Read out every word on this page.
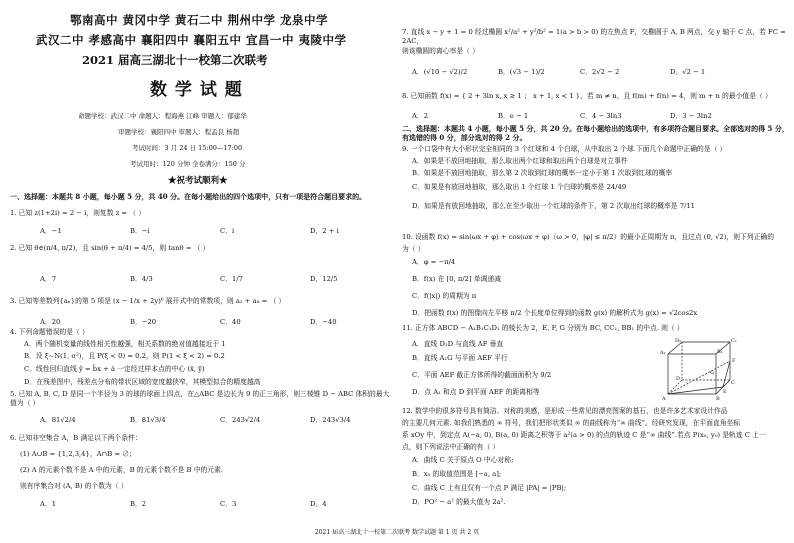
鄂南高中 黄冈中学 黄石二中 荆州中学 龙泉中学
武汉二中 孝感高中 襄阳四中 襄阳五中 宜昌一中 夷陵中学
2021 届高三湖北十一校第二次联考
数 学 试 题
命题学校：武汉二中 命题人：程海燕 江峰 审题人：郁建华
审题学校：襄阳四中 审题人：程孟良 杨超
考试时间：3 月 24 日 15:00—17:00
考试用时：120 分钟 全卷满分：150 分
★祝考试顺利★
一、选择题：本题共 8 小题，每小题 5 分，共 40 分。在每小题给出的四个选项中，只有一项是符合题目要求的。
1. 已知 z(1+2i) = 2 − i，则复数 z = （ ）
A．−1	B．−i	C．i	D．2 + i
2. 已知 θ∈(π/4, π/2)，且 sin(θ + π/4) = 4/5，则 tanθ = （ ）
A．7	B．4/3	C．1/7	D．12/5
3. 已知等差数列{aₙ}的第 5 项是 (x − 1/x + 2y)⁶ 展开式中的常数项，则 a₂ + a₈ = （ ）
A．20	B．−20	C．40	D．−40
4. 下列命题错误的是（ ）
A．两个随机变量的线性相关性越强，相关系数的绝对值越接近于 1
B．设 ξ~N(1, σ²)，且 P(ξ < 0) = 0.2，则 P(1 < ξ < 2) = 0.2
C．线性回归直线 ŷ = b̂x + â 一定经过样本点的中心 (x̄, ȳ)
D．在残差图中，残差点分布的带状区域的宽度越狭窄，其模型拟合的精度越高
5. 已知 A, B, C, D 是同一个半径为 3 的球的球面上四点，在△ABC 是边长为 9 的正三角形，则三棱锥 D − ABC 体积的最大值为（ ）
A．81√2/4	B．81√3/4	C．243√2/4	D．243√3/4
6. 已知非空集合 A，B 满足以下两个条件：
(1) A∪B = {1,2,3,4}，A∩B = ∅；
(2) A 的元素个数不是 A 中的元素，B 的元素个数不是 B 中的元素.
则有序集合对 (A, B) 的个数为（ ）
A．1	B．2	C．3	D．4
7. 直线 x − y + 1 = 0 经过椭圆 x²/a² + y²/b² = 1(a > b > 0) 的左焦点 F，交椭圆于 A, B 两点，交 y 轴于 C 点，若 FC = 2AC，
则该椭圆的离心率是（ ）
A．(√10 − √2)/2	B．(√3 − 1)/2	C．2√2 − 2	D．√2 − 1
8. 已知函数 f(x) = { 2 + 3ln x, x ≥ 1 ； x + 1, x < 1 }，若 m ≠ n，且 f(m) + f(n) = 4，则 m + n 的最小值是（ ）
A．2	B．e − 1	C．4 − 3ln3	D．3 − 3ln2
二、选择题：本题共 4 小题，每小题 5 分，共 20 分。在每小题给出的选项中，有多项符合题目要求。全部选对的得 5 分，有选错的得 0 分，部分选对的得 2 分。
9. 一个口袋中有大小形状完全相同的 3 个红球和 4 个白球，从中取出 2 个球.下面几个命题中正确的是（ ）
A．如果是不放回地抽取，那么取出两个红球和取出两个白球是对立事件
B．如果是不放回地抽取，那么第 2 次取到红球的概率一定小于第 1 次取到红球的概率
C．如果是有放回地抽取，那么取出 1 个红球 1 个白球的概率是 24/49
D．如果是有放回地抽取，那么在至少取出一个红球的条件下，第 2 次取出红球的概率是 7/11
10. 设函数 f(x) = sin(ωx + φ) + cos(ωx + φ)（ω > 0，|φ| ≤ π/2）的最小正周期为 π，且过点 (0, √2)，则下列正确的
为（ ）
A．φ = −π/4
B．f(x) 在 [0, π/2] 单调递减
C．f(|x|) 的周期为 π
D．把函数 f(x) 的图像向左平移 π/2 个长度单位得到的函数 g(x) 的解析式为 g(x) = √2cos2x
11. 正方体 ABCD − A₁B₁C₁D₁ 的棱长为 2，E, F, G 分别为 BC, CC₁, BB₁ 的中点. 则（ ）
A．直线 D₁D 与直线 AF 垂直
B．直线 A₁G 与平面 AEF 平行
C．平面 AEF 截正方体所得的截面面积为 9/2
D．点 A₁ 和点 D 到平面 AEF 的距离相等
12. 数学中的很多符号具有简洁、对称的美感，是形成一些常见的漂亮图案的基石，也是许多艺术家设计作品
的主要几何元素. 如我们熟悉的 ∞ 符号，我们把形状类似 ∞ 的曲线称为“∞ 曲线”。经研究发现，在平面直角坐标
系 xOy 中，到定点 A(−a, 0), B(a, 0) 距离之积等于 a²(a > 0) 的点的轨迹 C 是“∞ 曲线”.若点 P(x₀, y₀) 是轨迹 C 上一
点，则下列说法中正确的有（ ）
A．曲线 C 关于原点 O 中心对称;
B．x₀ 的取值范围是 [−a, a];
C．曲线 C 上有且仅有一个点 P 满足 |PA| = |PB|;
D．PO² − a² 的最大值为 2a².
D₁	C₁
A₁	B₁
D
C
A	B
F
G
E
2021 届高三湖北十一校第二次联考 数学试题 第 1 页 共 2 页
